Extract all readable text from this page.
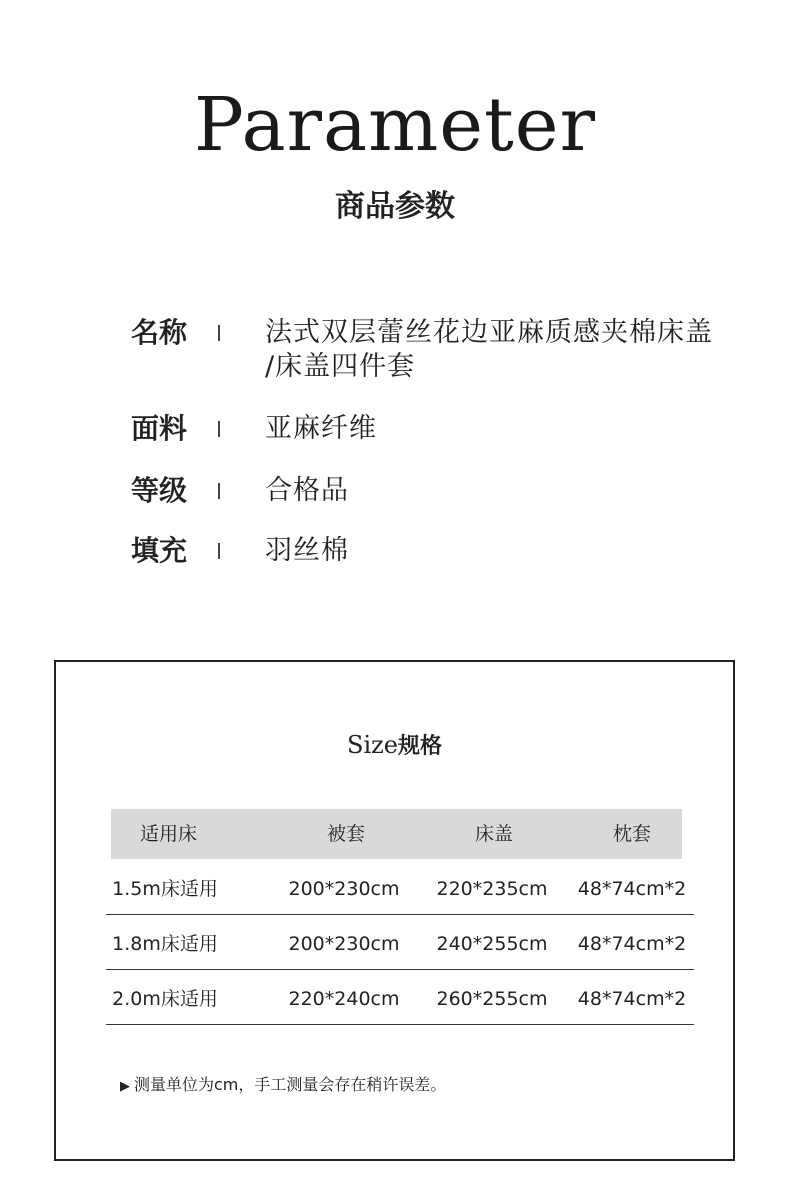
Parameter
商品参数
名称	法式双层蕾丝花边亚麻质感夹棉床盖
/床盖四件套
面料	亚麻纤维
等级	合格品
填充	羽丝棉
Size规格
适用床	被套	床盖	枕套
1.5m床适用	200*230cm	220*235cm	48*74cm*2
1.8m床适用	200*230cm	240*255cm	48*74cm*2
2.0m床适用	220*240cm	260*255cm	48*74cm*2
▶ 测量单位为cm，手工测量会存在稍许误差。
